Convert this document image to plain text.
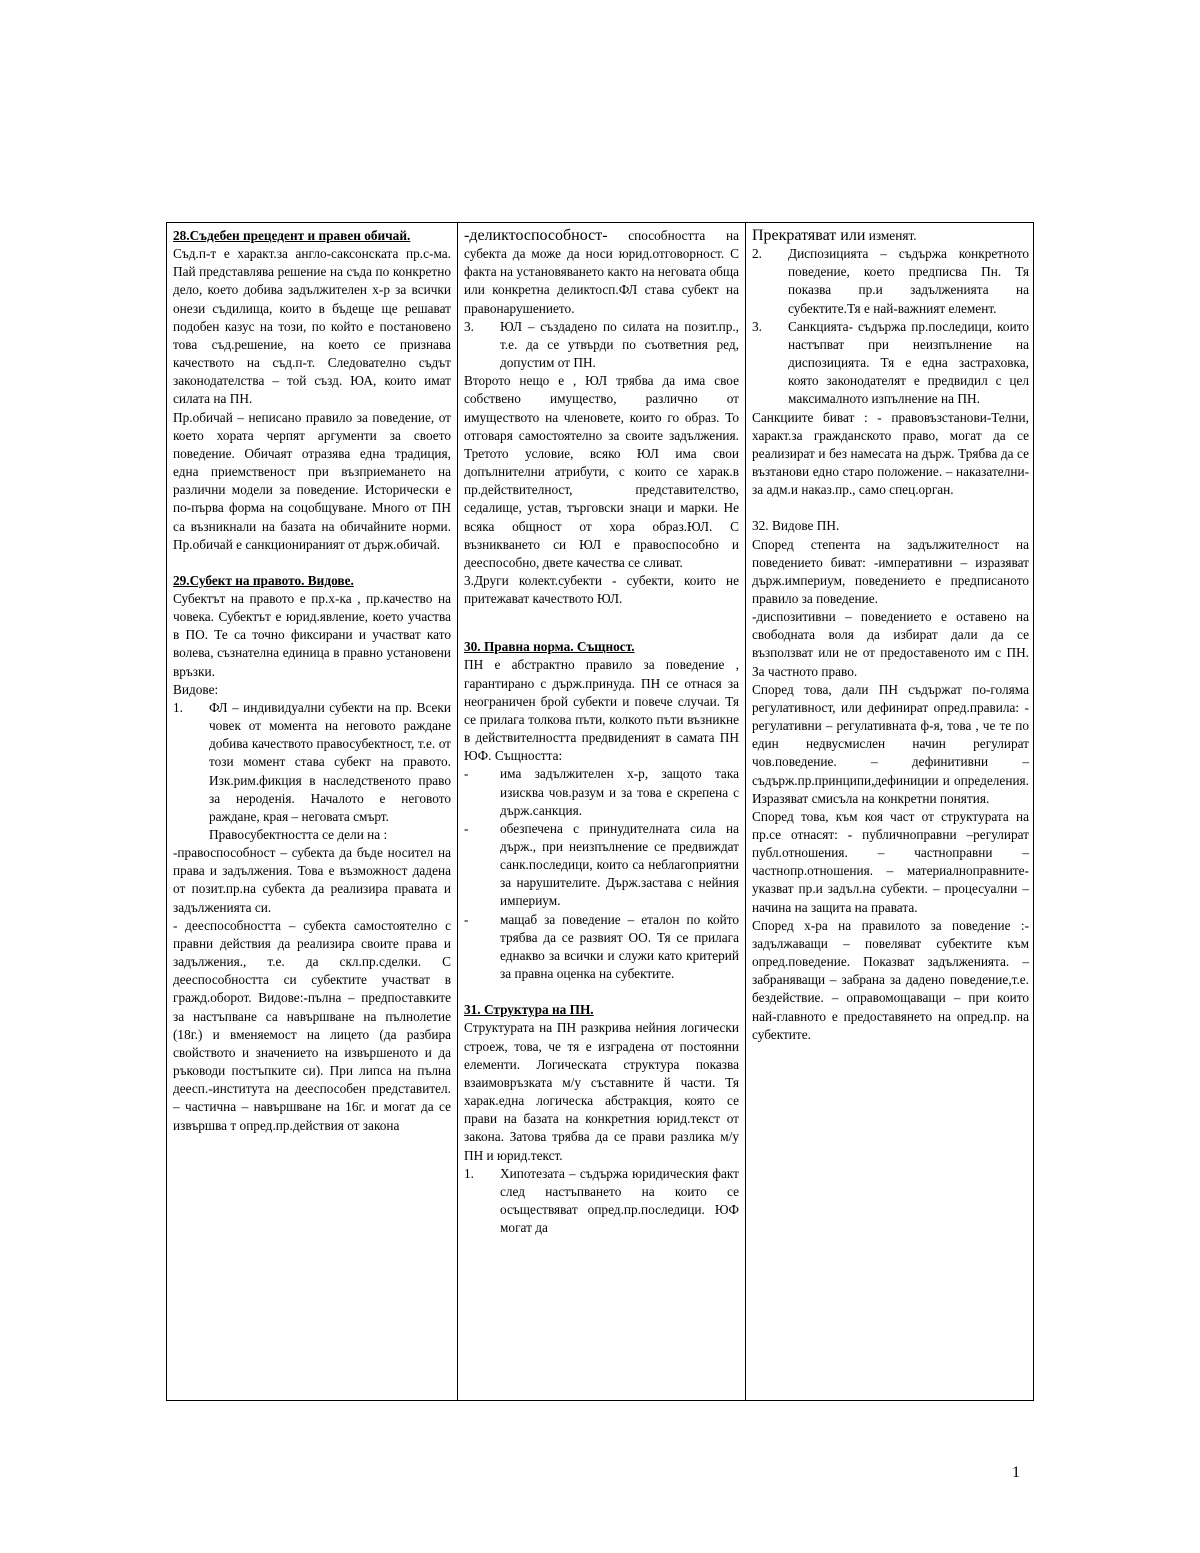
28.Съдебен прецедент и правен обичай.

Съд.п-т е характ.за англо-саксонската пр.с-ма. Пай представлява решение на съда по конкретно дело, което добива задължителен х-р за всички онези съдилища, които в бъдеще ще решават подобен казус на този, по който е постановено това съд.решение, на което се признава качеството на съд.п-т. Следователно съдът законодателства – той създ. ЮА, които имат силата на ПН.

Пр.обичай – неписано правило за поведение, от което хората черпят аргументи за своето поведение. Обичаят отразява една традиция, една приемственост при възприемането на различни модели за поведение. Исторически е по-първа форма на соцобщуване. Много от ПН са възникнали на базата на обичайните норми. Пр.обичай е санкционираният от държ.обичай.

29.Субект на правото. Видове.

Субектът на правото е пр.х-ка , пр.качество на човека. Субектът е юрид.явление, което участва в ПО. Те са точно фиксирани и участват като волева, съзнателна единица в правно установени връзки.

Видове:

1.	ФЛ – индивидуални субекти на пр. Всеки човек от момента на неговото раждане добива качеството правосубектност, т.е. от този момент става субект на правото. Изк.рим.фикция в наследственото право за нероденія. Началото е неговото раждане, края – неговата смърт.

Правосубектността се дели на :

-правоспособност – субекта да бъде носител на права и задължения. Това е възможност дадена от позит.пр.на субекта да реализира правата и задълженията си.

- дееспособността – субекта самостоятелно с правни действия да реализира своите права и задължения., т.е. да скл.пр.сделки. С дееспособността си субектите участват в гражд.оборот. Видове:-пълна – предпоставките за настъпване са навършване на пълнолетие (18г.) и вменяемост на лицето (да разбира свойството и значението на извършеното и да ръководи постъпките си). При липса на пълна деесп.-института на дееспособен представител. – частична – навършване на 16г. и могат да се извършва т опред.пр.действия от закона

-деликтоспособност- способността на субекта да може да носи юрид.отговорност. С факта на установяването както на неговата обща или конкретна деликтосп.ФЛ става субект на правонарушението.

3.	ЮЛ – създадено по силата на позит.пр., т.е. да се утвърди по съответния ред, допустим от ПН.

Второто нещо е , ЮЛ трябва да има свое собствено имущество, различно от имуществото на членовете, които го образ. То отговаря самостоятелно за своите задължения. Третото условие, всяко ЮЛ има свои допълнителни атрибути, с които се харак.в пр.действителност, представителство, седалище, устав, търговски знаци и марки. Не всяка общност от хора образ.ЮЛ. С възникването си ЮЛ е правоспособно и дееспособно, двете качества се сливат.

3.Други колект.субекти - субекти, които не притежават качеството ЮЛ.

30. Правна норма. Същност.

ПН е абстрактно правило за поведение , гарантирано с държ.принуда. ПН се отнася за неограничен брой субекти и повече случаи. Тя се прилага толкова пъти, колкото пъти възникне в действителността предвиденият в самата ПН ЮФ. Същността:

-	има задължителен х-р, защото така изисква чов.разум и за това е скрепена с държ.санкция.
-	обезпечена с принудителната сила на държ., при неизпълнение се предвиждат санк.последици, които са неблагоприятни за нарушителите. Държ.застава с нейния империум.
-	мащаб за поведение – еталон по който трябва да се развият ОО. Тя се прилага еднакво за всички и служи като критерий за правна оценка на субектите.

31. Структура на ПН.

Структурата на ПН разкрива нейния логически строеж, това, че тя е изградена от постоянни елементи. Логическата структура показва взаимовръзката м/у съставните й части. Тя харак.една логическа абстракция, която се прави на базата на конкретния юрид.текст от закона. Затова трябва да се прави разлика м/у ПН и юрид.текст.

1.	Хипотезата – съдържа юридическия факт след настъпването на които се осъществяват опред.пр.последици. ЮФ могат да

Прекратяват или изменят.

2.	Диспозицията – съдържа конкретното поведение, което предписва Пн. Тя показва пр.и задълженията на субектите.Тя е най-важният елемент.
3.	Санкцията- съдържа пр.последици, които настъпват при неизпълнение на диспозицията. Тя е една застраховка, която законодателят е предвидил с цел максималното изпълнение на ПН.

Санкциите биват : - правовъзстанови-Телни, характ.за гражданското право, могат да се реализират и без намесата на държ. Трябва да се възтанови едно старо положение. – наказателни-за адм.и наказ.пр., само спец.орган.

32. Видове ПН.

Според степента на задължителност на поведението биват: -императивни – изразяват държ.империум, поведението е предписаното правило за поведение.

-диспозитивни – поведението е оставено на свободната воля да избират дали да се възползват или не от предоставеното им с ПН. За частното право.

Според това, дали ПН съдържат по-голяма регулативност, или дефинират опред.правила: - регулативни – регулативната ф-я, това , че те по един недвусмислен начин регулират чов.поведение. – дефинитивни – съдърж.пр.принципи,дефиниции и определения. Изразяват смисъла на конкретни понятия.

Според това, към коя част от структурата на пр.се отнасят: - публичноправни –регулират публ.отношения. – частноправни – частнопр.отношения. – материалноправните- указват пр.и задъл.на субекти. – процесуални – начина на защита на правата.

Според х-ра на правилото за поведение :-задължаващи – повеляват субектите към опред.поведение. Показват задълженията. – забраняващи – забрана за дадено поведение,т.е. бездействие. – оправомощаващи – при които най-главното е предоставянето на опред.пр. на субектите.

1
